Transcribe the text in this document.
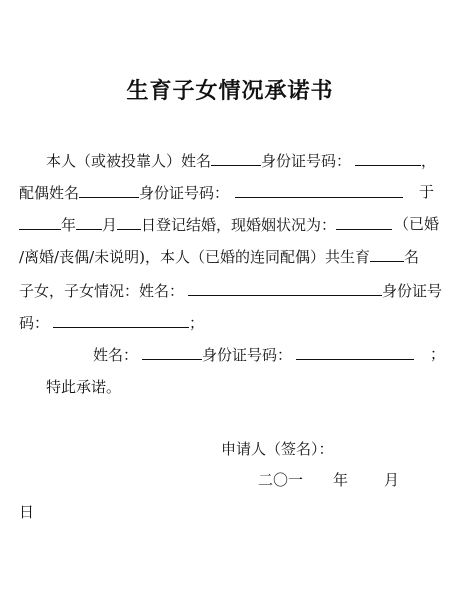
生育子女情况承诺书
本人（或被投靠人）姓名	身份证号码：	，
配偶姓名	身份证号码：	于
年 月 日登记结婚，现婚姻状况为：	（已婚
/离婚/丧偶/未说明)，本人（已婚的连同配偶）共生育 名
子女，子女情况：姓名：	身份证号
码：	；
姓名：	身份证号码：	；
特此承诺。
申请人（签名）：
二〇一 年 月
日
